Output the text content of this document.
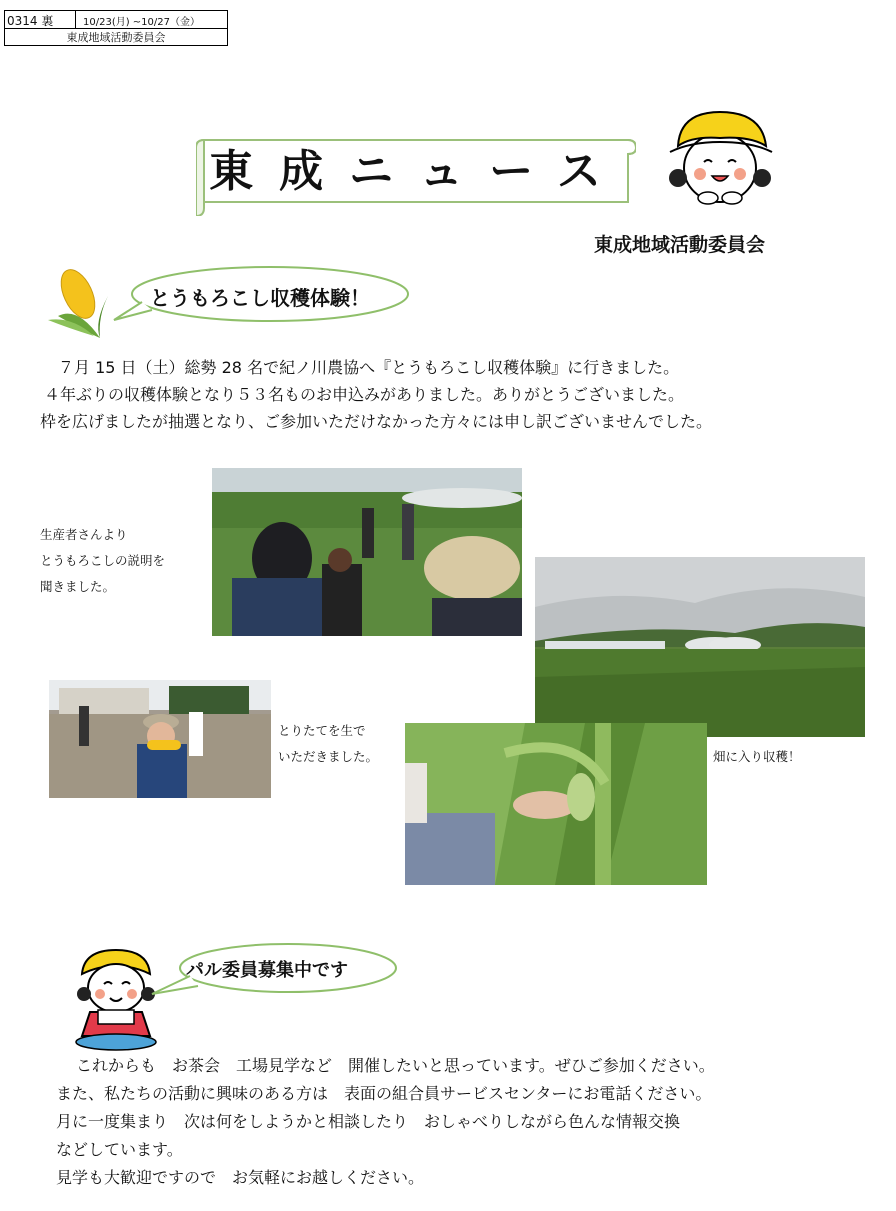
0314 裏	10/23(月) ~10/27（金）
東成地域活動委員会
東成ニュース
東成地域活動委員会
とうもろこし収穫体験！
７月 15 日（土）総勢 28 名で紀ノ川農協へ『とうもろこし収穫体験』に行きました。
４年ぶりの収穫体験となり５３名ものお申込みがありました。ありがとうございました。
枠を広げましたが抽選となり、ご参加いただけなかった方々には申し訳ございませんでした。
生産者さんより
とうもろこしの説明を
聞きました。
とりたてを生で
いただきました。	畑に入り収穫！
パル委員募集中です
これからも　お茶会　工場見学など　開催したいと思っています。ぜひご参加ください。
また、私たちの活動に興味のある方は　表面の組合員サービスセンターにお電話ください。
月に一度集まり　次は何をしようかと相談したり　おしゃべりしながら色んな情報交換
などしています。
見学も大歓迎ですので　お気軽にお越しください。
